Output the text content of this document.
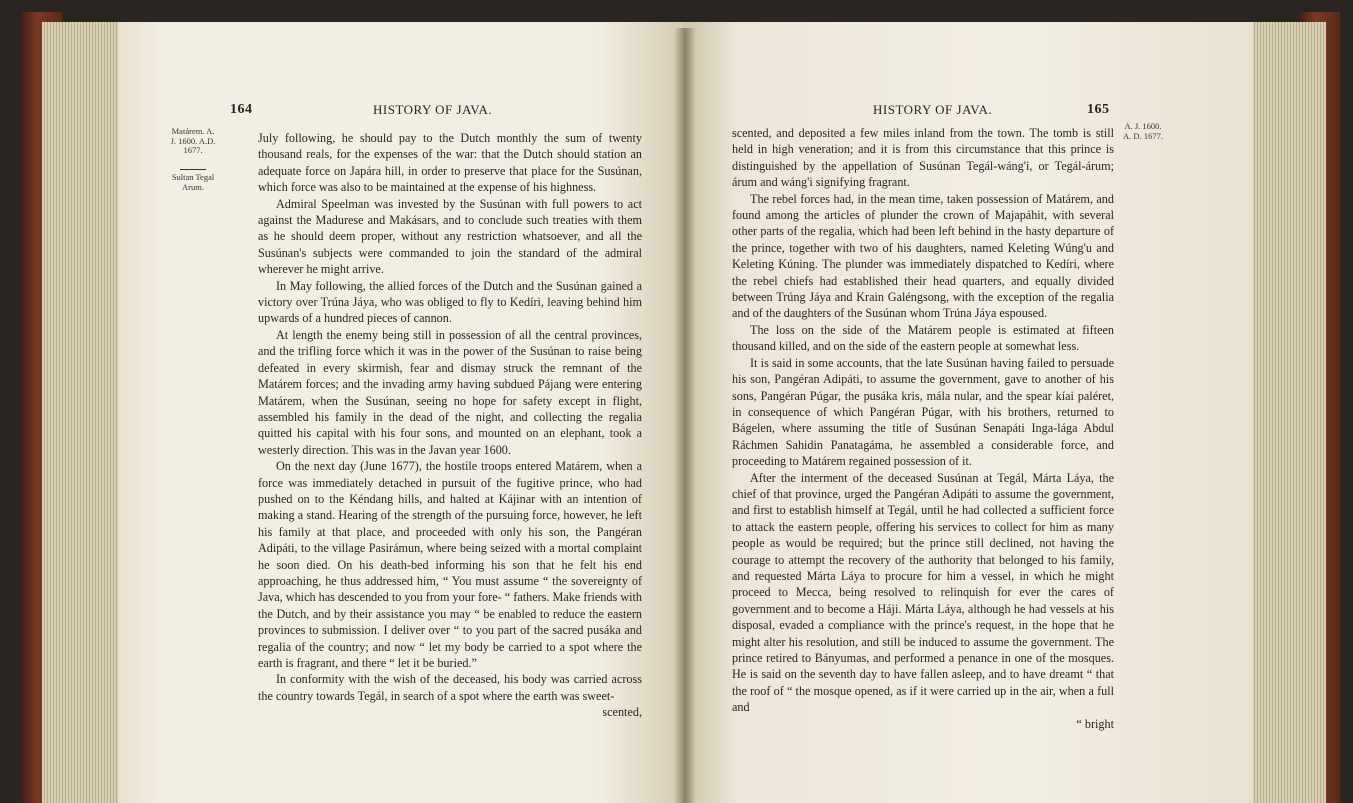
Matárem. A. J. 1600. A.D. 1677.
Sultan Tegal Arum.
164	HISTORY OF JAVA.

July following, he should pay to the Dutch monthly the sum of twenty thousand reals, for the expenses of the war: that the Dutch should station an adequate force on Japára hill, in order to preserve that place for the Susúnan, which force was also to be maintained at the expense of his highness.

Admiral Speelman was invested by the Susúnan with full powers to act against the Madurese and Makásars, and to conclude such treaties with them as he should deem proper, without any restriction whatsoever, and all the Susúnan's subjects were commanded to join the standard of the admiral wherever he might arrive.

In May following, the allied forces of the Dutch and the Susúnan gained a victory over Trúna Jáya, who was obliged to fly to Kedíri, leaving behind him upwards of a hundred pieces of cannon.

At length the enemy being still in possession of all the central provinces, and the trifling force which it was in the power of the Susúnan to raise being defeated in every skirmish, fear and dismay struck the remnant of the Matárem forces; and the invading army having subdued Pájang were entering Matárem, when the Susúnan, seeing no hope for safety except in flight, assembled his family in the dead of the night, and collecting the regalia quitted his capital with his four sons, and mounted on an elephant, took a westerly direction. This was in the Javan year 1600.

On the next day (June 1677), the hostile troops entered Matárem, when a force was immediately detached in pursuit of the fugitive prince, who had pushed on to the Kéndang hills, and halted at Kájinar with an intention of making a stand. Hearing of the strength of the pursuing force, however, he left his family at that place, and proceeded with only his son, the Pangéran Adipáti, to the village Pasirámun, where being seized with a mortal complaint he soon died. On his death-bed informing his son that he felt his end approaching, he thus addressed him, “ You must assume “ the sovereignty of Java, which has descended to you from your fore- “ fathers. Make friends with the Dutch, and by their assistance you may “ be enabled to reduce the eastern provinces to submission. I deliver over “ to you part of the sacred pusáka and regalia of the country; and now “ let my body be carried to a spot where the earth is fragrant, and there “ let it be buried.”

In conformity with the wish of the deceased, his body was carried across the country towards Tegál, in search of a spot where the earth was sweet-

scented,

HISTORY OF JAVA.	165
A. J. 1600. A. D. 1677.

scented, and deposited a few miles inland from the town. The tomb is still held in high veneration; and it is from this circumstance that this prince is distinguished by the appellation of Susúnan Tegál-wáng'i, or Tegál-árum; árum and wáng'i signifying fragrant.

The rebel forces had, in the mean time, taken possession of Matárem, and found among the articles of plunder the crown of Majapáhit, with several other parts of the regalia, which had been left behind in the hasty departure of the prince, together with two of his daughters, named Keleting Wúng'u and Keleting Kúning. The plunder was immediately dispatched to Kedíri, where the rebel chiefs had established their head quarters, and equally divided between Trúng Jáya and Krain Galéngsong, with the exception of the regalia and of the daughters of the Susúnan whom Trúna Jáya espoused.

The loss on the side of the Matárem people is estimated at fifteen thousand killed, and on the side of the eastern people at somewhat less.

It is said in some accounts, that the late Susúnan having failed to persuade his son, Pangéran Adipáti, to assume the government, gave to another of his sons, Pangéran Púgar, the pusáka kris, mála nular, and the spear kíai paléret, in consequence of which Pangéran Púgar, with his brothers, returned to Bágelen, where assuming the title of Susúnan Senapáti Inga-lága Abdul Ráchmen Sahidin Panatagáma, he assembled a considerable force, and proceeding to Matárem regained possession of it.

After the interment of the deceased Susúnan at Tegál, Márta Láya, the chief of that province, urged the Pangéran Adipáti to assume the government, and first to establish himself at Tegál, until he had collected a sufficient force to attack the eastern people, offering his services to collect for him as many people as would be required; but the prince still declined, not having the courage to attempt the recovery of the authority that belonged to his family, and requested Márta Láya to procure for him a vessel, in which he might proceed to Mecca, being resolved to relinquish for ever the cares of government and to become a Háji. Márta Láya, although he had vessels at his disposal, evaded a compliance with the prince's request, in the hope that he might alter his resolution, and still be induced to assume the government. The prince retired to Bányumas, and performed a penance in one of the mosques. He is said on the seventh day to have fallen asleep, and to have dreamt “ that the roof of “ the mosque opened, as if it were carried up in the air, when a full and

“ bright
